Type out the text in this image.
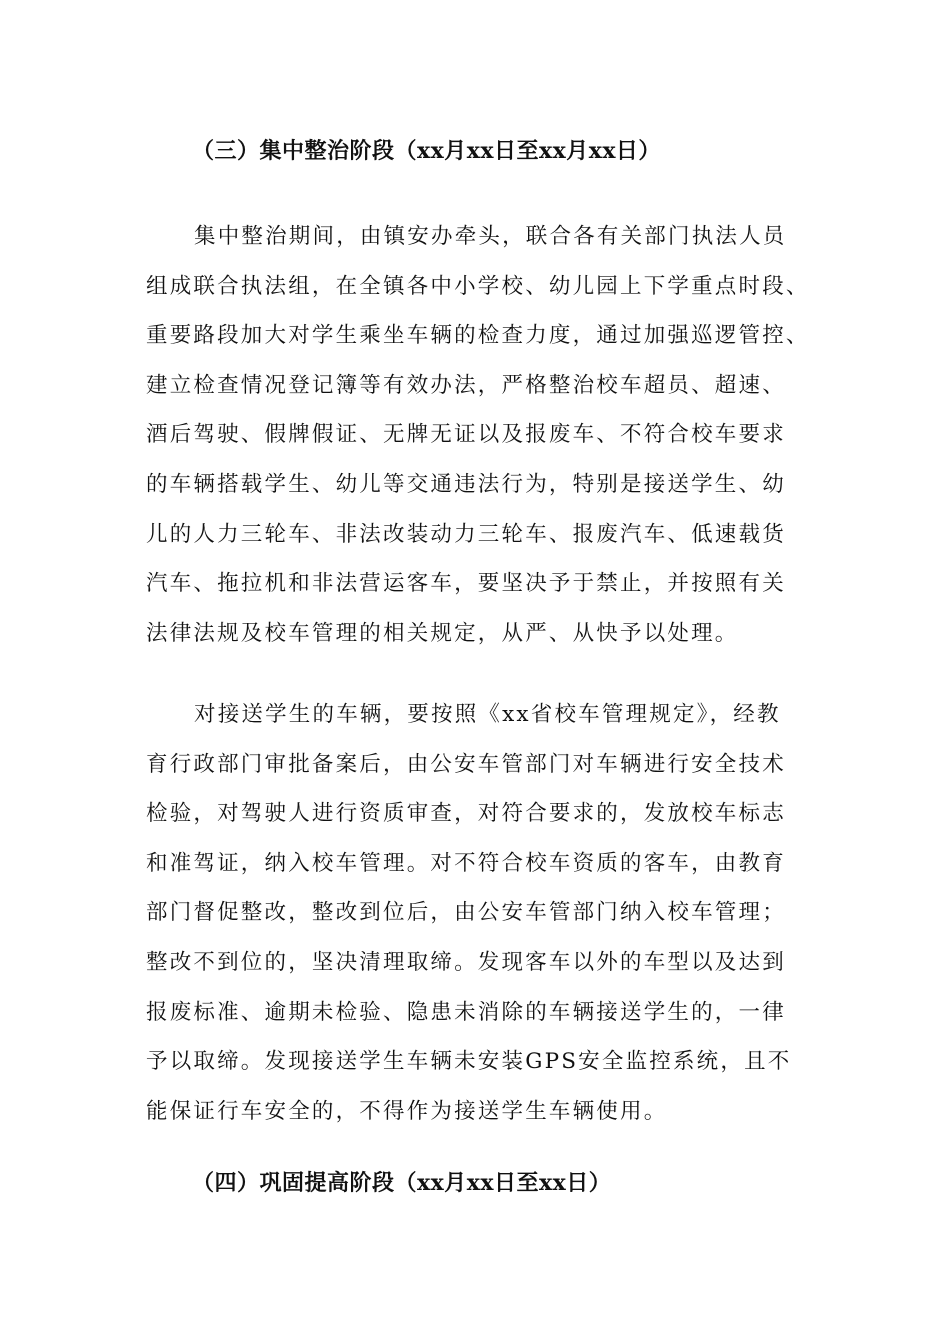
（三）集中整治阶段（xx月xx日至xx月xx日）
集中整治期间，由镇安办牵头，联合各有关部门执法人员
组成联合执法组，在全镇各中小学校、幼儿园上下学重点时段、
重要路段加大对学生乘坐车辆的检查力度，通过加强巡逻管控、
建立检查情况登记簿等有效办法，严格整治校车超员、超速、
酒后驾驶、假牌假证、无牌无证以及报废车、不符合校车要求
的车辆搭载学生、幼儿等交通违法行为，特别是接送学生、幼
儿的人力三轮车、非法改装动力三轮车、报废汽车、低速载货
汽车、拖拉机和非法营运客车，要坚决予于禁止，并按照有关
法律法规及校车管理的相关规定，从严、从快予以处理。
对接送学生的车辆，要按照《xx省校车管理规定》，经教
育行政部门审批备案后，由公安车管部门对车辆进行安全技术
检验，对驾驶人进行资质审查，对符合要求的，发放校车标志
和准驾证，纳入校车管理。对不符合校车资质的客车，由教育
部门督促整改，整改到位后，由公安车管部门纳入校车管理；
整改不到位的，坚决清理取缔。发现客车以外的车型以及达到
报废标准、逾期未检验、隐患未消除的车辆接送学生的，一律
予以取缔。发现接送学生车辆未安装GPS安全监控系统，且不
能保证行车安全的，不得作为接送学生车辆使用。
（四）巩固提高阶段（xx月xx日至xx日）
